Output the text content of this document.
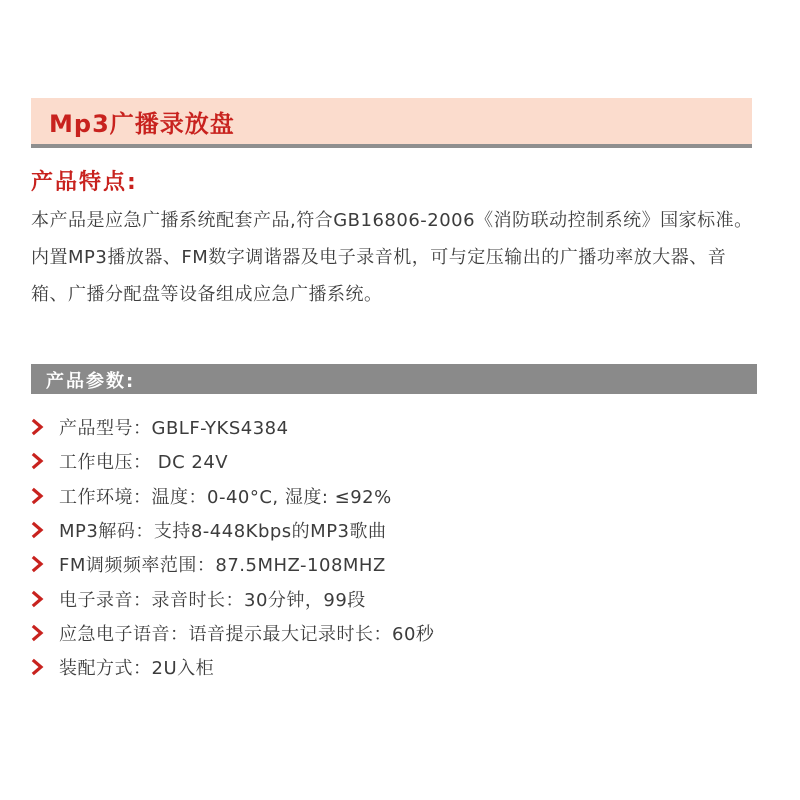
Mp3广播录放盘
产品特点:
本产品是应急广播系统配套产品,符合GB16806-2006《消防联动控制系统》国家标准。内置MP3播放器、FM数字调谐器及电子录音机，可与定压输出的广播功率放大器、音箱、广播分配盘等设备组成应急广播系统。
产品参数:
产品型号：GBLF-YKS4384
工作电压： DC 24V
工作环境：温度：0-40°C, 湿度: ≤92%
MP3解码：支持8-448Kbps的MP3歌曲
FM调频频率范围：87.5MHZ-108MHZ
电子录音：录音时长：30分钟，99段
应急电子语音：语音提示最大记录时长：60秒
装配方式：2U入柜
